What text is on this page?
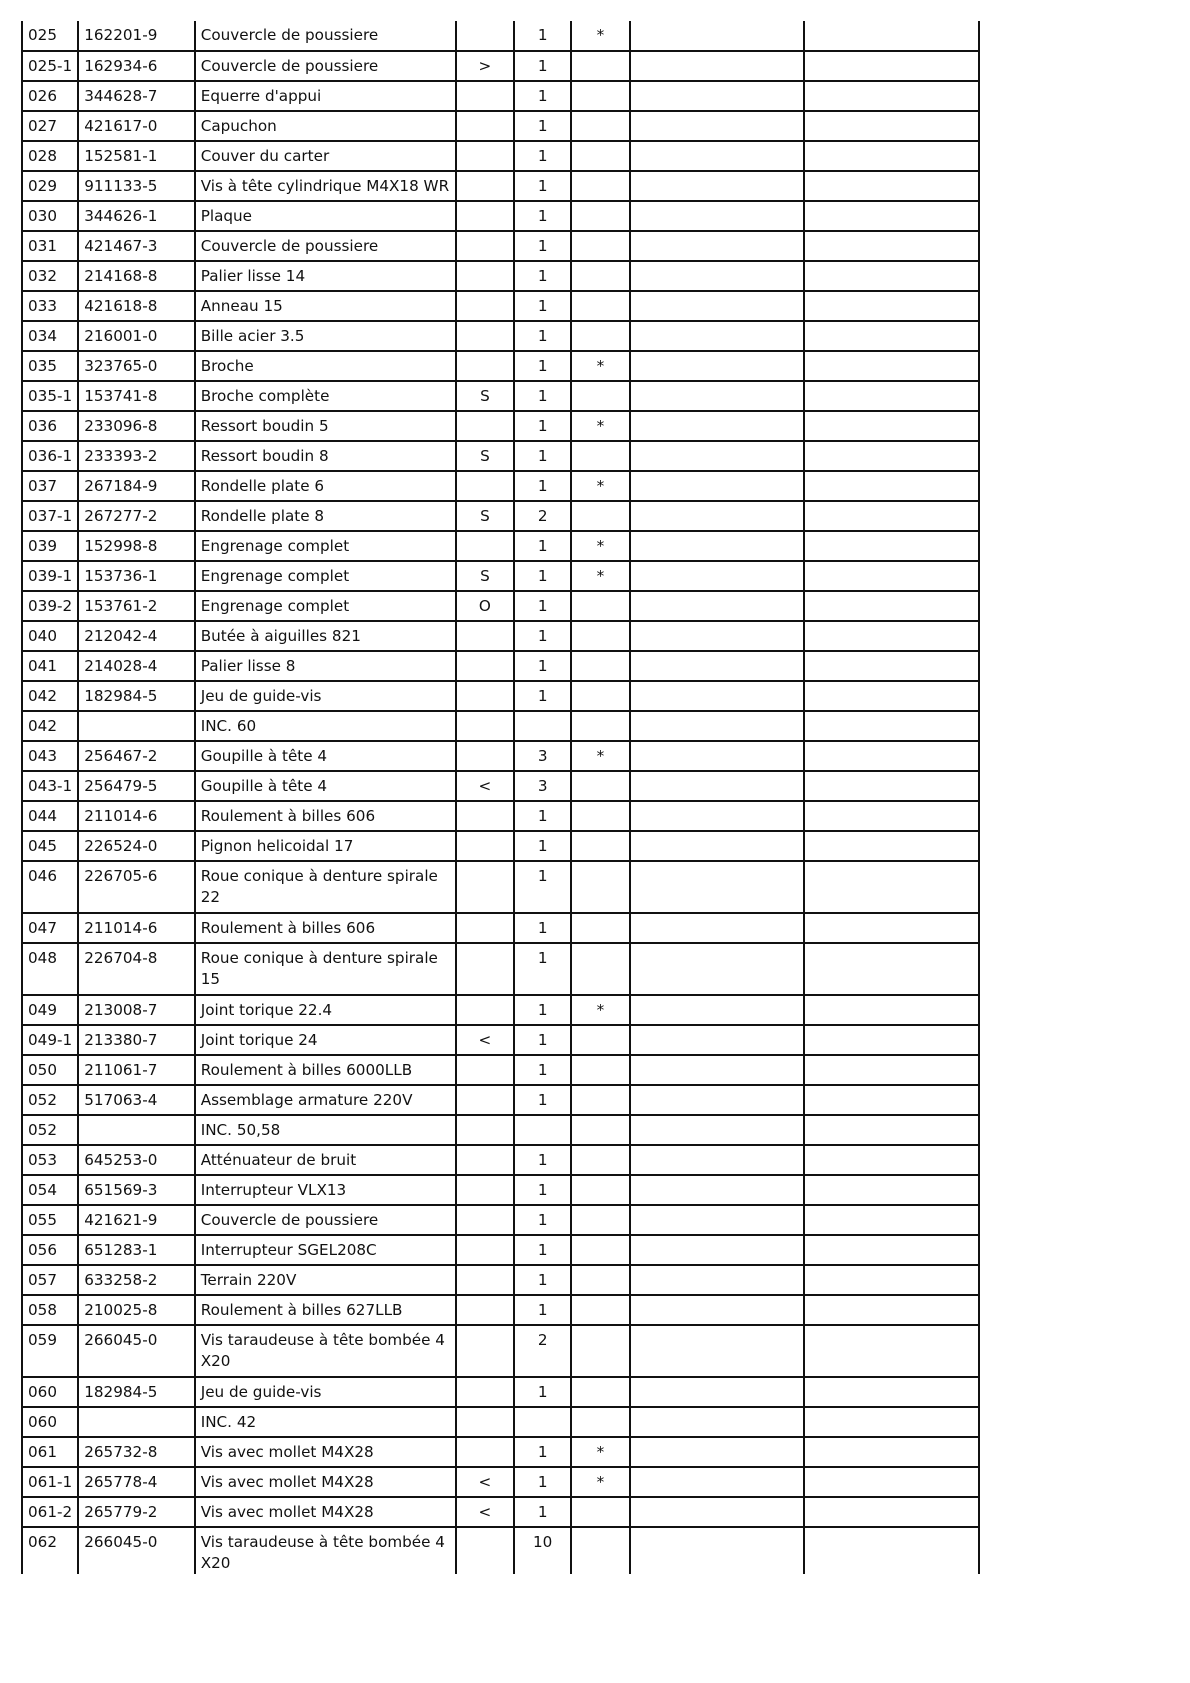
025	162201-9	Couvercle de poussiere		1	*		
025-1	162934-6	Couvercle de poussiere	>	1			
026	344628-7	Equerre d'appui		1			
027	421617-0	Capuchon		1			
028	152581-1	Couver du carter		1			
029	911133-5	Vis à tête cylindrique M4X18 WR		1			
030	344626-1	Plaque		1			
031	421467-3	Couvercle de poussiere		1			
032	214168-8	Palier lisse 14		1			
033	421618-8	Anneau 15		1			
034	216001-0	Bille acier 3.5		1			
035	323765-0	Broche		1	*		
035-1	153741-8	Broche complète	S	1			
036	233096-8	Ressort boudin 5		1	*		
036-1	233393-2	Ressort boudin 8	S	1			
037	267184-9	Rondelle plate 6		1	*		
037-1	267277-2	Rondelle plate 8	S	2			
039	152998-8	Engrenage complet		1	*		
039-1	153736-1	Engrenage complet	S	1	*		
039-2	153761-2	Engrenage complet	O	1			
040	212042-4	Butée à aiguilles 821		1			
041	214028-4	Palier lisse 8		1			
042	182984-5	Jeu de guide-vis		1			
042		INC. 60					
043	256467-2	Goupille à tête 4		3	*		
043-1	256479-5	Goupille à tête 4	<	3			
044	211014-6	Roulement à billes 606		1			
045	226524-0	Pignon helicoidal 17		1			
046	226705-6	Roue conique à denture spirale 22		1			
047	211014-6	Roulement à billes 606		1			
048	226704-8	Roue conique à denture spirale 15		1			
049	213008-7	Joint torique 22.4		1	*		
049-1	213380-7	Joint torique 24	<	1			
050	211061-7	Roulement à billes 6000LLB		1			
052	517063-4	Assemblage armature 220V		1			
052		INC. 50,58					
053	645253-0	Atténuateur de bruit		1			
054	651569-3	Interrupteur VLX13		1			
055	421621-9	Couvercle de poussiere		1			
056	651283-1	Interrupteur SGEL208C		1			
057	633258-2	Terrain 220V		1			
058	210025-8	Roulement à billes 627LLB		1			
059	266045-0	Vis taraudeuse à tête bombée 4X20		2			
060	182984-5	Jeu de guide-vis		1			
060		INC. 42					
061	265732-8	Vis avec mollet M4X28		1	*		
061-1	265778-4	Vis avec mollet M4X28	<	1	*		
061-2	265779-2	Vis avec mollet M4X28	<	1			
062	266045-0	Vis taraudeuse à tête bombée 4X20		10			
